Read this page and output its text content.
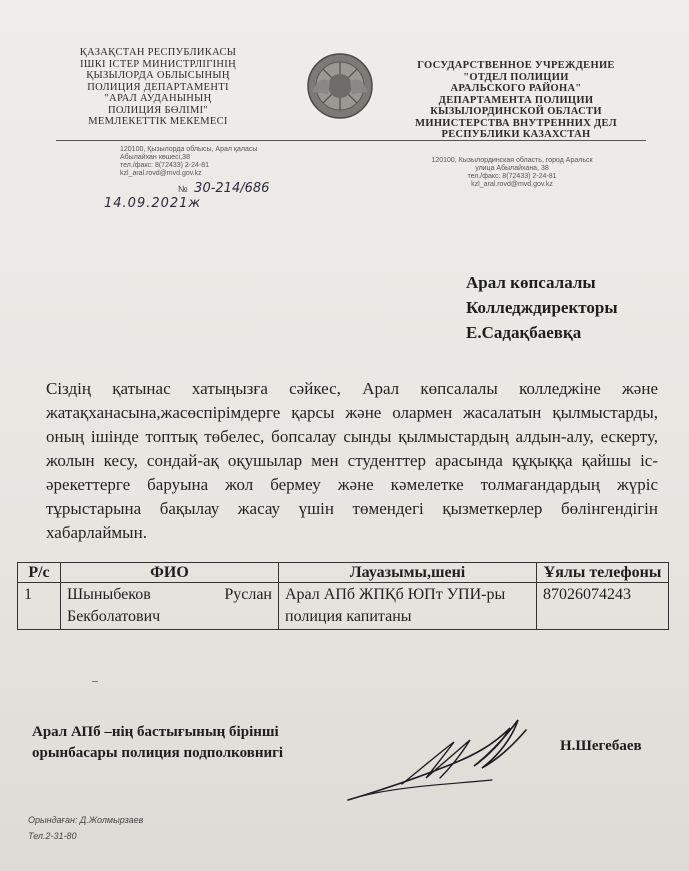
ҚАЗАҚСТАН РЕСПУБЛИКАСЫ
ІШКІ ІСТЕР МИНИСТРЛІГІНІҢ
ҚЫЗЫЛОРДА ОБЛЫСЫНЫҢ
ПОЛИЦИЯ ДЕПАРТАМЕНТІ
"АРАЛ АУДАНЫНЫҢ
ПОЛИЦИЯ БӨЛІМІ"
МЕМЛЕКЕТТІК МЕКЕМЕСІ
ГОСУДАРСТВЕННОЕ УЧРЕЖДЕНИЕ
"ОТДЕЛ ПОЛИЦИИ
АРАЛЬСКОГО РАЙОНА"
ДЕПАРТАМЕНТА ПОЛИЦИИ
КЫЗЫЛОРДИНСКОЙ ОБЛАСТИ
МИНИСТЕРСТВА ВНУТРЕННИХ ДЕЛ
РЕСПУБЛИКИ КАЗАХСТАН
120100, Қызылорда облысы, Арал қаласы
Абылайхан көшесі,38
тел./факс: 8(72433) 2-24-81
kzl_aral.rovd@mvd.gov.kz
120100, Кызылординская область, город Аральск
улица Абылайхана, 38
тел./факс: 8(72433) 2-24-81
kzl_aral.rovd@mvd.gov.kz
№ 30-214/686
14.09.2021ж
Арал көпсалалы
Колледждиректоры
Е.Садақбаевқа

Сіздің қатынас хатыңызға сәйкес, Арал көпсалалы колледжіне және жатақханасына,жасөспірімдерге қарсы және олармен жасалатын қылмыстарды, оның ішінде топтық төбелес, бопсалау сынды қылмыстардың алдын-алу, ескерту, жолын кесу, сондай-ақ оқушылар мен студенттер арасында құқыққа қайшы іс-әрекеттерге баруына жол бермеу және кәмелетке толмағандардың жүріс тұрыстарына бақылау жасау үшін төмендегі қызметкерлер бөлінгендігін хабарлаймын.

Р/с	ФИО	Лауазымы,шені	Ұялы телефоны
1	Шыныбеков Руслан Бекболатович	Арал АПб ЖПҚб ЮПт УПИ-ры полиция капитаны	87026074243
Арал АПб –нің бастығының бірінші
орынбасары полиция подполковнигі	Н.Шегебаев
Орындаған: Д.Жолмырзаев
Тел.2-31-80
